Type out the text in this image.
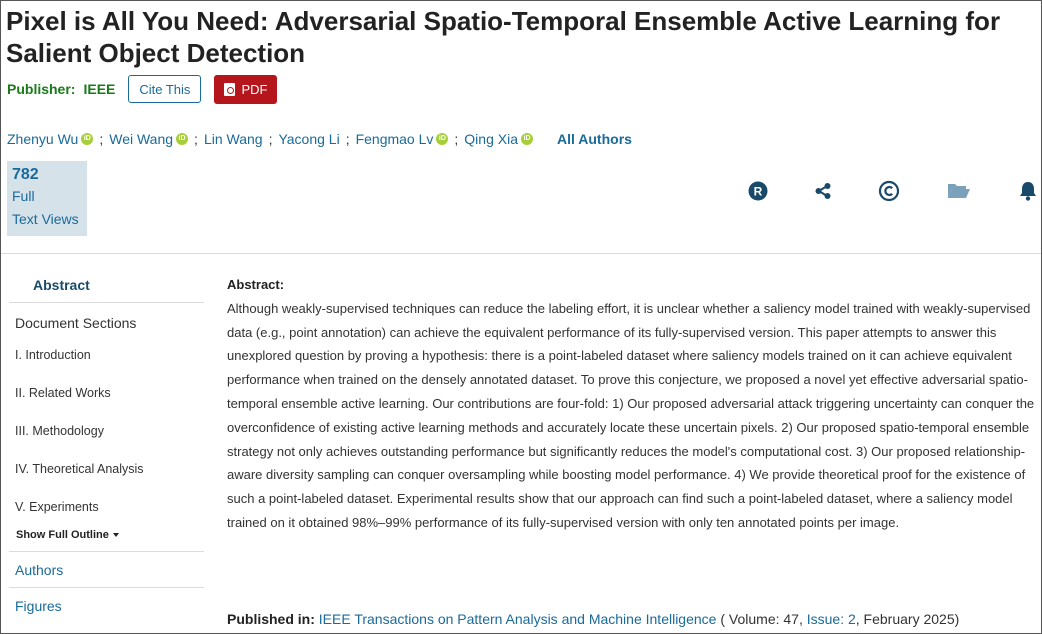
Pixel is All You Need: Adversarial Spatio-Temporal Ensemble Active Learning for Salient Object Detection
Publisher: IEEE	Cite This	PDF
Zhenyu Wu iD ; Wei Wang iD ; Lin Wang ; Yacong Li ; Fengmao Lv iD ; Qing Xia iD All Authors
782
Full
Text Views
R
Abstract
Document Sections
I. Introduction
II. Related Works
III. Methodology
IV. Theoretical Analysis
V. Experiments
Show Full Outline
Authors
Figures
Abstract:

Although weakly-supervised techniques can reduce the labeling effort, it is unclear whether a saliency model trained with weakly-supervised data (e.g., point annotation) can achieve the equivalent performance of its fully-supervised version. This paper attempts to answer this unexplored question by proving a hypothesis: there is a point-labeled dataset where saliency models trained on it can achieve equivalent performance when trained on the densely annotated dataset. To prove this conjecture, we proposed a novel yet effective adversarial spatio-temporal ensemble active learning. Our contributions are four-fold: 1) Our proposed adversarial attack triggering uncertainty can conquer the overconfidence of existing active learning methods and accurately locate these uncertain pixels. 2) Our proposed spatio-temporal ensemble strategy not only achieves outstanding performance but significantly reduces the model's computational cost. 3) Our proposed relationship-aware diversity sampling can conquer oversampling while boosting model performance. 4) We provide theoretical proof for the existence of such a point-labeled dataset. Experimental results show that our approach can find such a point-labeled dataset, where a saliency model trained on it obtained 98%–99% performance of its fully-supervised version with only ten annotated points per image.

Published in: IEEE Transactions on Pattern Analysis and Machine Intelligence ( Volume: 47, Issue: 2, February 2025)
